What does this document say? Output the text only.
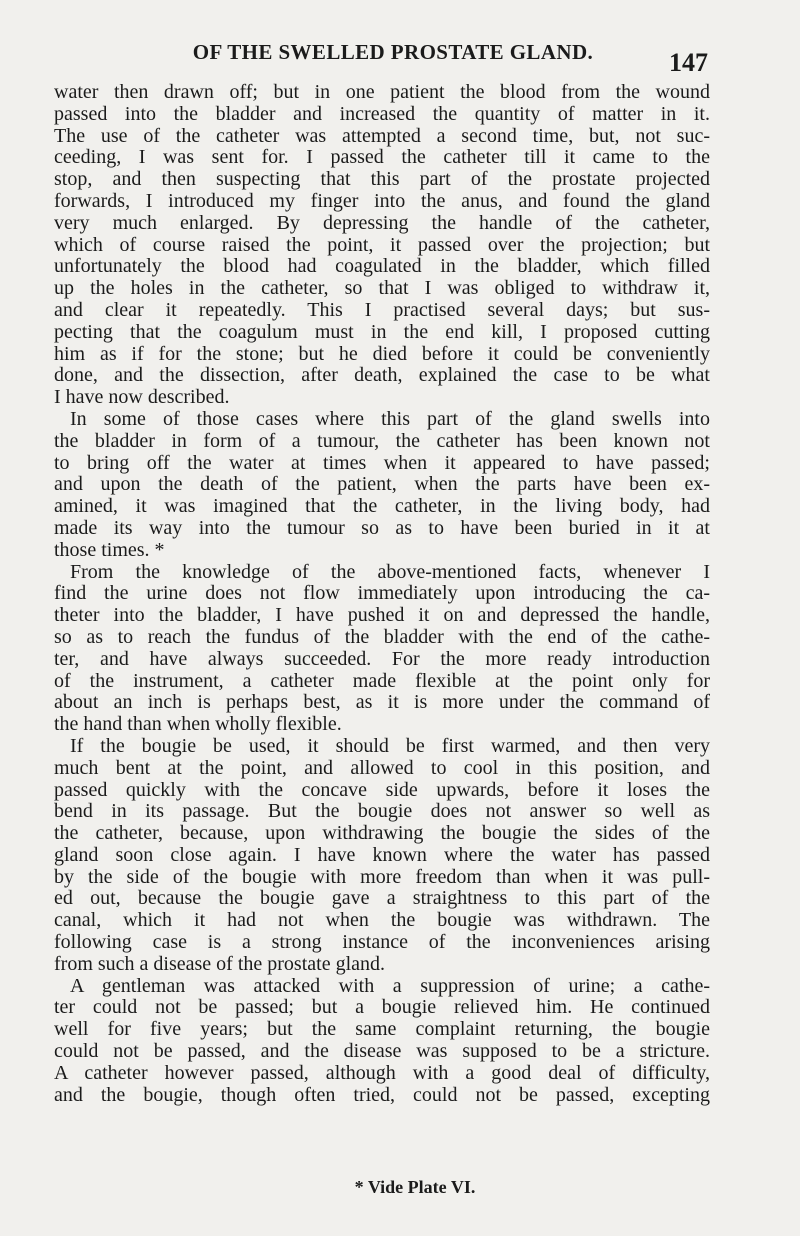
OF THE SWELLED PROSTATE GLAND.	147
water then drawn off; but in one patient the blood from the wound
passed into the bladder and increased the quantity of matter in it.
The use of the catheter was attempted a second time, but, not suc-
ceeding, I was sent for. I passed the catheter till it came to the
stop, and then suspecting that this part of the prostate projected
forwards, I introduced my finger into the anus, and found the gland
very much enlarged. By depressing the handle of the catheter,
which of course raised the point, it passed over the projection; but
unfortunately the blood had coagulated in the bladder, which filled
up the holes in the catheter, so that I was obliged to withdraw it,
and clear it repeatedly. This I practised several days; but sus-
pecting that the coagulum must in the end kill, I proposed cutting
him as if for the stone; but he died before it could be conveniently
done, and the dissection, after death, explained the case to be what
I have now described.
In some of those cases where this part of the gland swells into
the bladder in form of a tumour, the catheter has been known not
to bring off the water at times when it appeared to have passed;
and upon the death of the patient, when the parts have been ex-
amined, it was imagined that the catheter, in the living body, had
made its way into the tumour so as to have been buried in it at
those times. *
From the knowledge of the above-mentioned facts, whenever I
find the urine does not flow immediately upon introducing the ca-
theter into the bladder, I have pushed it on and depressed the handle,
so as to reach the fundus of the bladder with the end of the cathe-
ter, and have always succeeded. For the more ready introduction
of the instrument, a catheter made flexible at the point only for
about an inch is perhaps best, as it is more under the command of
the hand than when wholly flexible.
If the bougie be used, it should be first warmed, and then very
much bent at the point, and allowed to cool in this position, and
passed quickly with the concave side upwards, before it loses the
bend in its passage. But the bougie does not answer so well as
the catheter, because, upon withdrawing the bougie the sides of the
gland soon close again. I have known where the water has passed
by the side of the bougie with more freedom than when it was pull-
ed out, because the bougie gave a straightness to this part of the
canal, which it had not when the bougie was withdrawn. The
following case is a strong instance of the inconveniences arising
from such a disease of the prostate gland.
A gentleman was attacked with a suppression of urine; a cathe-
ter could not be passed; but a bougie relieved him. He continued
well for five years; but the same complaint returning, the bougie
could not be passed, and the disease was supposed to be a stricture.
A catheter however passed, although with a good deal of difficulty,
and the bougie, though often tried, could not be passed, excepting
* Vide Plate VI.
